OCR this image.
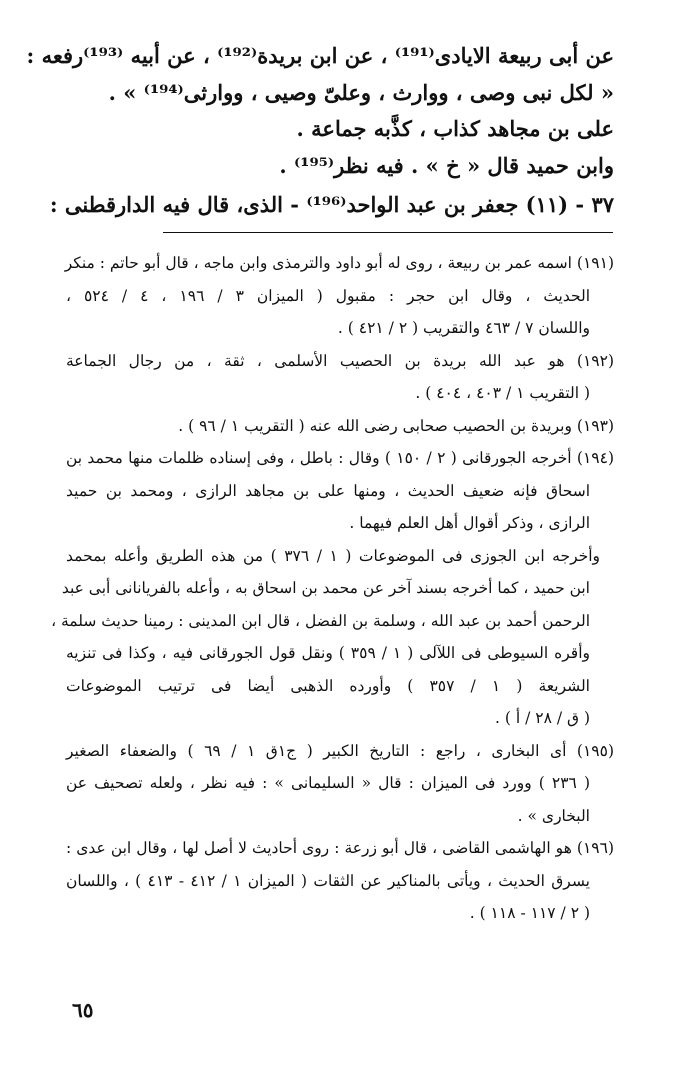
عن أبى ربيعة الايادى⁽¹⁹¹⁾ ، عن ابن بريدة⁽¹⁹²⁾ ، عن أبيه ⁽¹⁹³⁾رفعه :
« لكل نبى وصى ، ووارث ، وعلىّ وصيى ، ووارثى⁽¹⁹⁴⁾ » .
على بن مجاهد كذاب ، كذَّبه جماعة .
وابن حميد قال « خ » . فيه نظر⁽¹⁹⁵⁾ .
٣٧ - (١١) جعفر بن عبد الواحد⁽¹⁹⁶⁾ - الذى، قال فيه الدارقطنى :
(١٩١) اسمه عمر بن ربيعة ، روى له أبو داود والترمذى وابن ماجه ، قال أبو حاتم : منكر
الحديث ، وقال ابن حجر : مقبول ( الميزان ٣ / ١٩٦ ، ٤ / ٥٢٤ ،
واللسان ٧ / ٤٦٣ والتقريب ( ٢ / ٤٢١ ) .
(١٩٢) هو عبد الله بريدة بن الحصيب الأسلمى ، ثقة ، من رجال الجماعة
( التقريب ١ / ٤٠٣ ، ٤٠٤ ) .
(١٩٣) وبريدة بن الحصيب صحابى رضى الله عنه ( التقريب ١ / ٩٦ ) .
(١٩٤) أخرجه الجورقانى ( ٢ / ١٥٠ ) وقال : باطل ، وفى إسناده ظلمات منها محمد بن
اسحاق فإنه ضعيف الحديث ، ومنها على بن مجاهد الرازى ، ومحمد بن حميد
الرازى ، وذكر أقوال أهل العلم فيهما .
وأخرجه ابن الجوزى فى الموضوعات ( ١ / ٣٧٦ ) من هذه الطريق وأعله بمحمد
ابن حميد ، كما أخرجه بسند آخر عن محمد بن اسحاق به ، وأعله بالفريانانى أبى عبد
الرحمن أحمد بن عبد الله ، وسلمة بن الفضل ، قال ابن المدينى : رمينا حديث سلمة ،
وأقره السيوطى فى اللآلى ( ١ / ٣٥٩ ) ونقل قول الجورقانى فيه ، وكذا فى تنزيه
الشريعة ( ١ / ٣٥٧ ) وأورده الذهبى أيضا فى ترتيب الموضوعات
( ق / ٢٨ / أ ) .
(١٩٥) أى البخارى ، راجع : التاريخ الكبير ( ج١ق ١ / ٦٩ ) والضعفاء الصغير
( ٢٣٦ ) وورد فى الميزان : قال « السليمانى » : فيه نظر ، ولعله تصحيف عن
البخارى » .
(١٩٦) هو الهاشمى القاضى ، قال أبو زرعة : روى أحاديث لا أصل لها ، وقال ابن عدى :
يسرق الحديث ، ويأتى بالمناكير عن الثقات ( الميزان ١ / ٤١٢ - ٤١٣ ) ، واللسان
( ٢ / ١١٧ - ١١٨ ) .
٦٥
